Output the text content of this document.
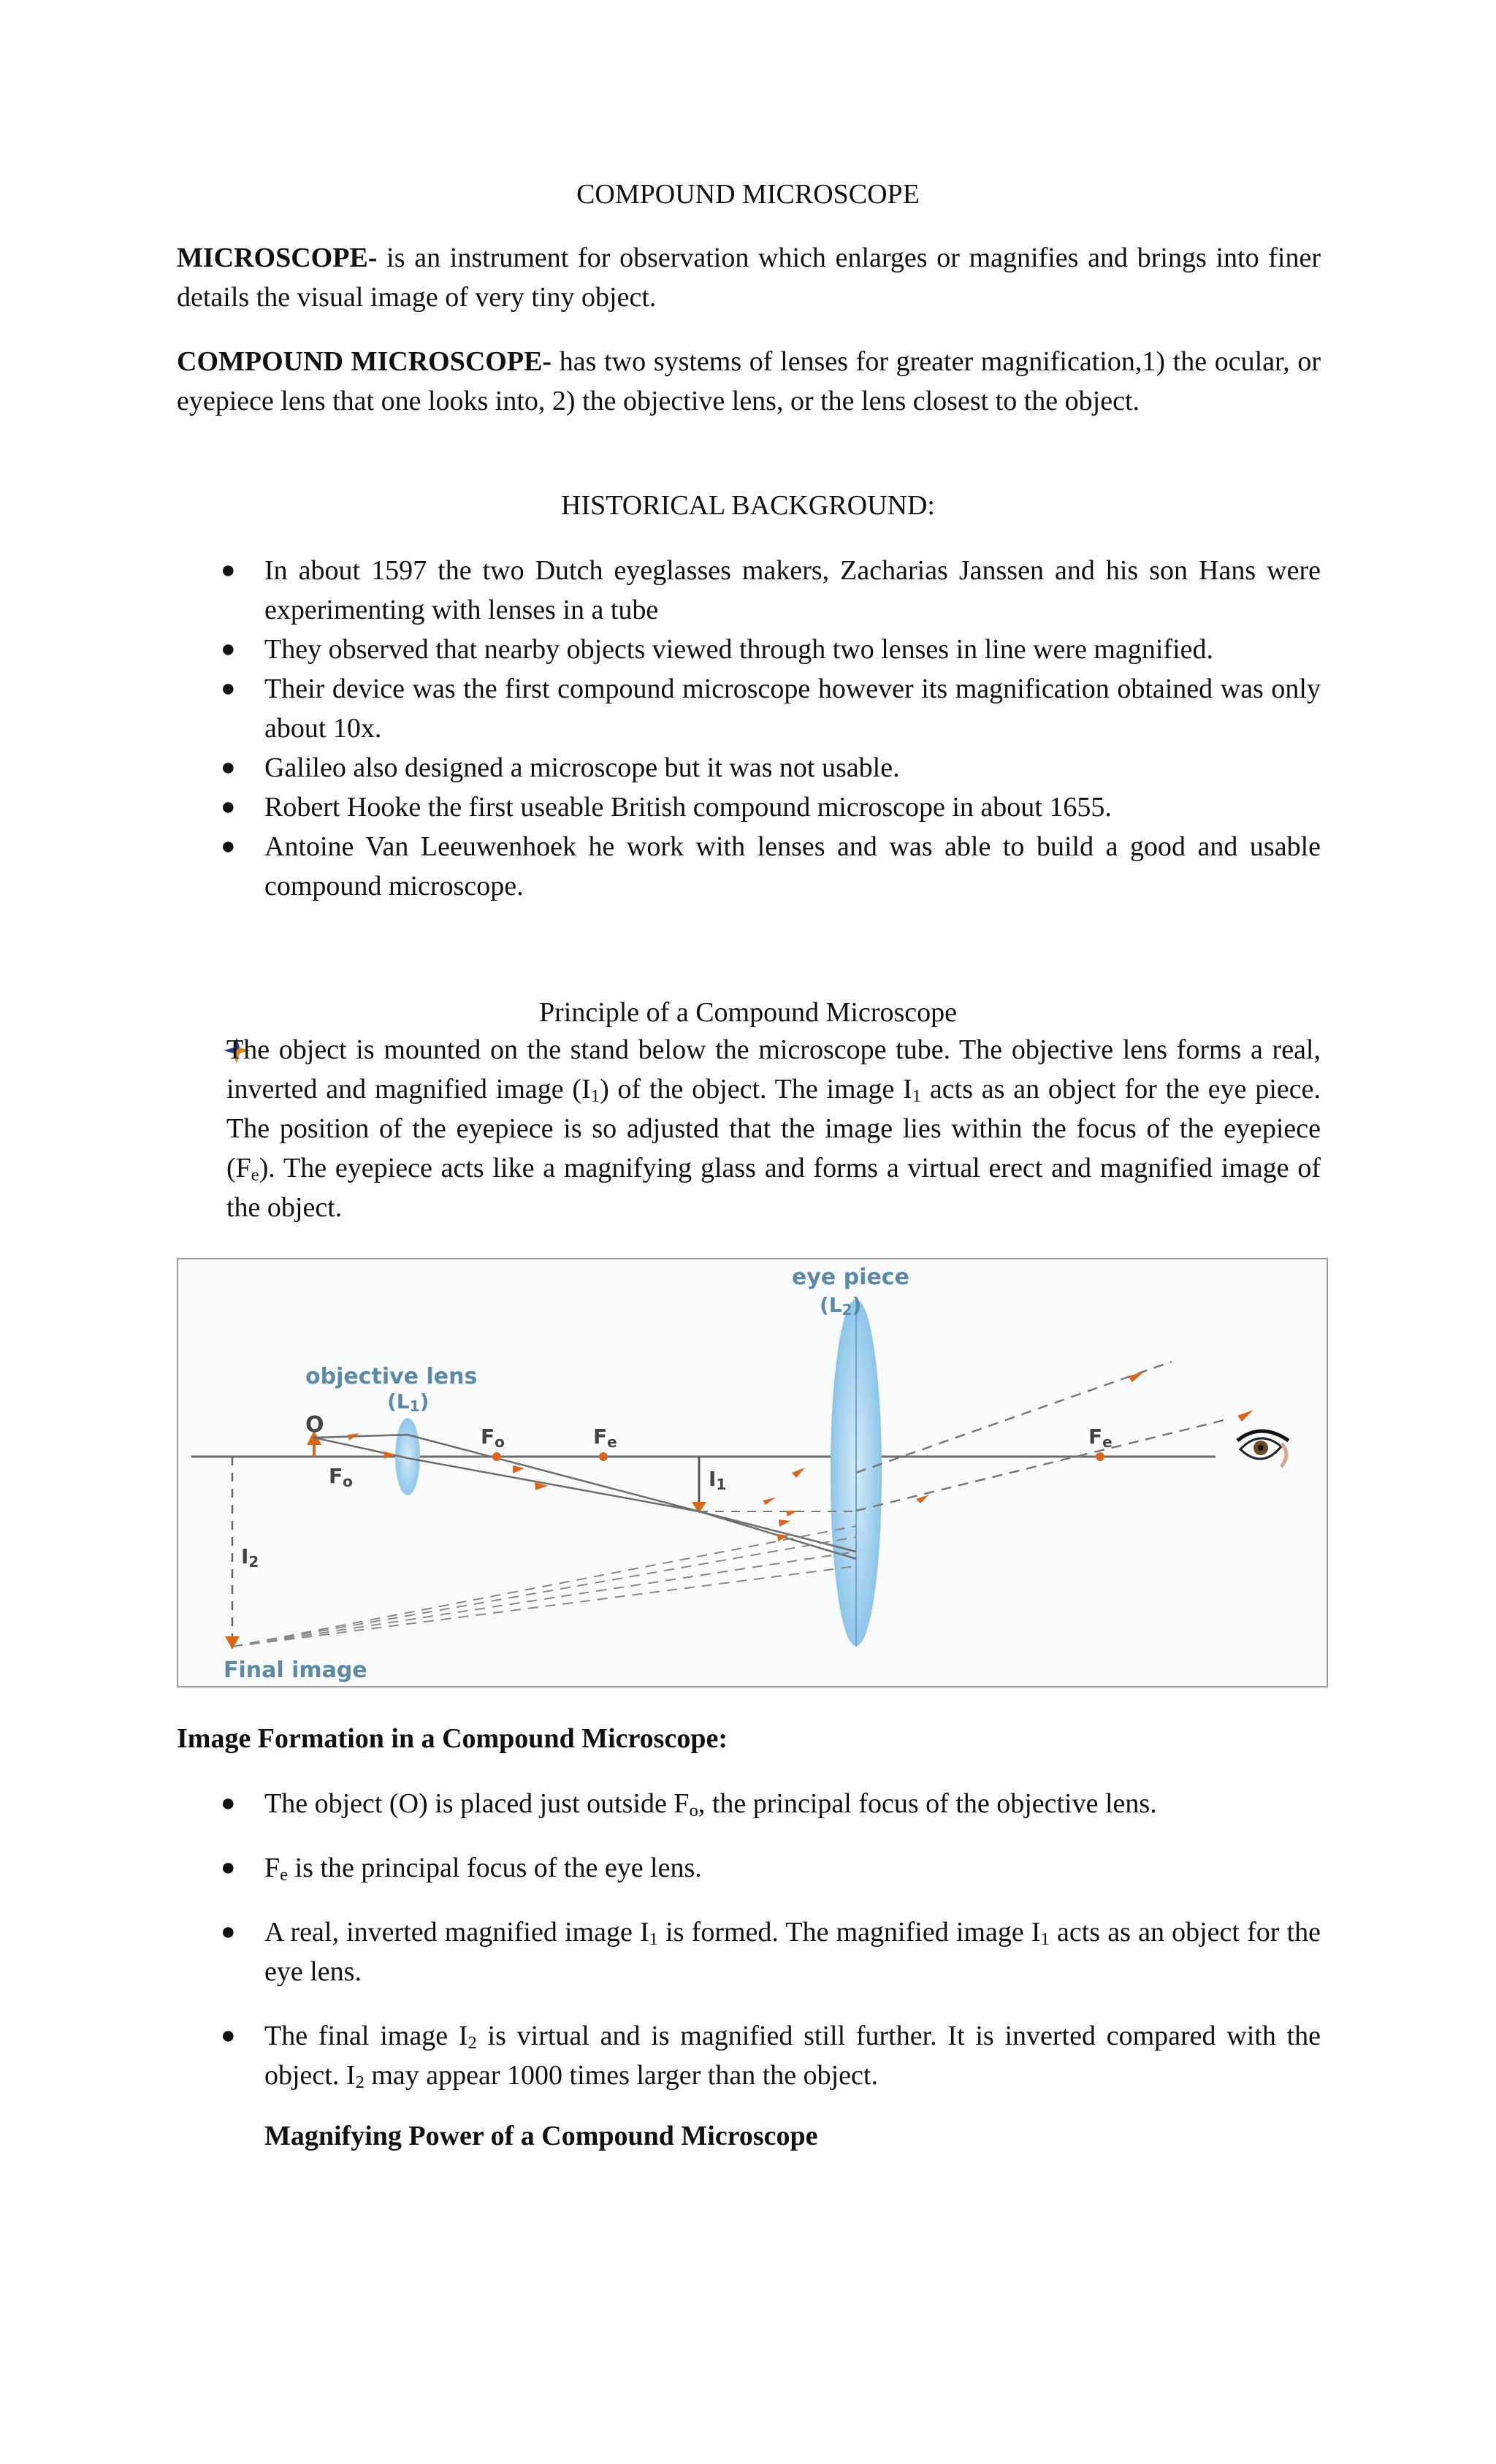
COMPOUND MICROSCOPE
MICROSCOPE- is an instrument for observation which enlarges or magnifies and brings into finer details the visual image of very tiny object.
COMPOUND MICROSCOPE- has two systems of lenses for greater magnification,1) the ocular, or eyepiece lens that one looks into, 2) the objective lens, or the lens closest to the object.
HISTORICAL BACKGROUND:
● In about 1597 the two Dutch eyeglasses makers, Zacharias Janssen and his son Hans were experimenting with lenses in a tube
● They observed that nearby objects viewed through two lenses in line were magnified.
● Their device was the first compound microscope however its magnification obtained was only about 10x.
● Galileo also designed a microscope but it was not usable.
● Robert Hooke the first useable British compound microscope in about 1655.
● Antoine Van Leeuwenhoek he work with lenses and was able to build a good and usable compound microscope.
Principle of a Compound Microscope
The object is mounted on the stand below the microscope tube. The objective lens forms a real, inverted and magnified image $(I_1)$ of the object. The image $I_1$ acts as an object for the eye piece. The position of the eyepiece is so adjusted that the image lies within the focus of the eyepiece $(F_e)$. The eyepiece acts like a magnifying glass and forms a virtual erect and magnified image of the object.
eye piece
(L2)
objective lens
(L1)
Final image
O
Fo
Fo	Fe	Fe
I1
I2
Image Formation in a Compound Microscope:
● The object (O) is placed just outside $F_o$, the principal focus of the objective lens.
● $F_e$ is the principal focus of the eye lens.
● A real, inverted magnified image $I_1$ is formed. The magnified image $I_1$ acts as an object for the eye lens.
● The final image $I_2$ is virtual and is magnified still further. It is inverted compared with the object. $I_2$ may appear 1000 times larger than the object.
Magnifying Power of a Compound Microscope
